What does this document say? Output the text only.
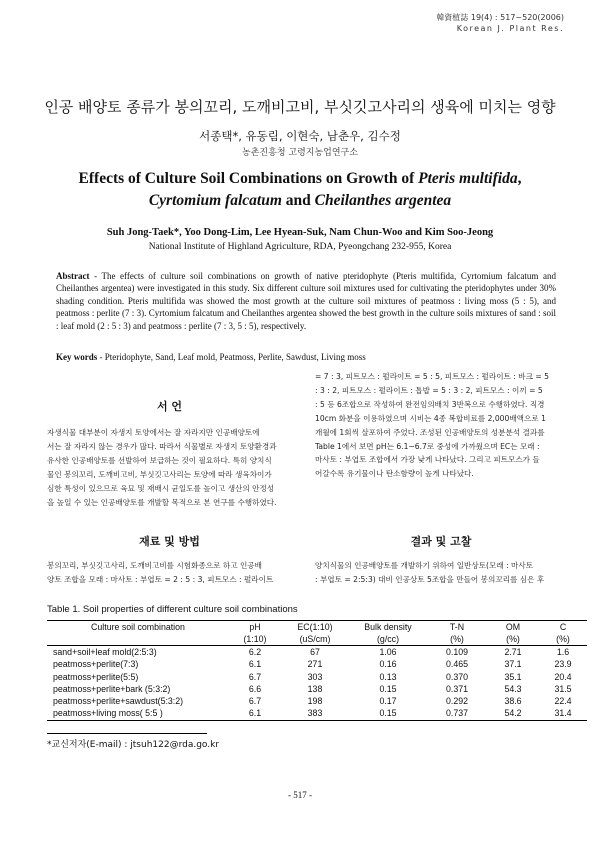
韓資植誌 19(4) : 517~520(2006)
Korean J. Plant Res.
인공 배양토 종류가 봉의꼬리, 도깨비고비, 부싯깃고사리의 생육에 미치는 영향
서종택*, 유동림, 이현숙, 남춘우, 김수정
농촌진흥청 고령지농업연구소
Effects of Culture Soil Combinations on Growth of Pteris multifida,
Cyrtomium falcatum and Cheilanthes argentea
Suh Jong-Taek*, Yoo Dong-Lim, Lee Hyean-Suk, Nam Chun-Woo and Kim Soo-Jeong
National Institute of Highland Agriculture, RDA, Pyeongchang 232-955, Korea
Abstract - The effects of culture soil combinations on growth of native pteridophyte (Pteris multifida, Cyrtomium falcatum and Cheilanthes argentea) were investigated in this study. Six different culture soil mixtures used for cultivating the pteridophytes under 30% shading condition. Pteris multifida was showed the most growth at the culture soil mixtures of peatmoss : living moss (5 : 5), and peatmoss : perlite (7 : 3). Cyrtomium falcatum and Cheilanthes argentea showed the best growth in the culture soils mixtures of sand : soil : leaf mold (2 : 5 : 3) and peatmoss : perlite (7 : 3, 5 : 5), respectively.
Key words - Pteridophyte, Sand, Leaf mold, Peatmoss, Perlite, Sawdust, Living moss
서 언
자생식물 대부분이 자생지 토양에서는 잘 자라지만 인공배양토에
서는 잘 자라지 않는 경우가 많다. 따라서 식물별로 자생지 토양환경과
유사한 인공배양토를 선발하여 보급하는 것이 필요하다. 특히 양치식
물인 봉의꼬리, 도깨비고비, 부싯깃고사리는 토양에 따라 생육차이가
심한 특성이 있으므로 육묘 및 재배시 균일도를 높이고 생산의 안정성
을 높일 수 있는 인공배양토를 개발할 목적으로 본 연구를 수행하였다.
재료 및 방법
봉의꼬리, 부싯깃고사리, 도깨비고비를 시험화종으로 하고 인공배
양토 조합을 모래 : 마사토 : 부엽토 = 2 : 5 : 3, 피트모스 : 펄라이트
= 7 : 3, 피트모스 : 펄라이트 = 5 : 5, 피트모스 : 펄라이트 : 바크 = 5
: 3 : 2, 피트모스 : 펄라이트 : 톱밥 = 5 : 3 : 2, 피트모스 : 이끼 = 5
: 5 등 6조합으로 작성하여 완전임의배치 3반복으로 수행하였다. 직경
10cm 화분을 이용하였으며 시비는 4종 복합비료를 2,000배액으로 1
개월에 1회씩 살포하여 주었다. 조성된 인공배양토의 성분분석 결과를
Table 1에서 보면 pH는 6.1~6.7로 중성에 가까웠으며 EC는 모래 :
마사토 : 부엽토 조합에서 가장 낮게 나타났다. 그리고 피트모스가 들
어갈수록 유기물이나 탄소함량이 높게 나타났다.
결과 및 고찰
양치식물의 인공배양토를 개발하기 위하여 일반상토(모래 : 마사토
: 부엽토 = 2:5:3) 대비 인공상토 5조합을 만들어 봉의꼬리를 심은 후
Table 1. Soil properties of different culture soil combinations
Culture soil combination	pH	EC(1:10)	Bulk density	T-N	OM	C
	(1:10)	(uS/cm)	(g/cc)	(%)	(%)	(%)
sand+soil+leaf mold(2:5:3)	6.2	67	1.06	0.109	2.71	1.6
peatmoss+perlite(7:3)	6.1	271	0.16	0.465	37.1	23.9
peatmoss+perlite(5:5)	6.7	303	0.13	0.370	35.1	20.4
peatmoss+perlite+bark (5:3:2)	6.6	138	0.15	0.371	54.3	31.5
peatmoss+perlite+sawdust(5:3:2)	6.7	198	0.17	0.292	38.6	22.4
peatmoss+living moss( 5:5 )	6.1	383	0.15	0.737	54.2	31.4
*교신저자(E-mail) : jtsuh122@rda.go.kr
- 517 -
